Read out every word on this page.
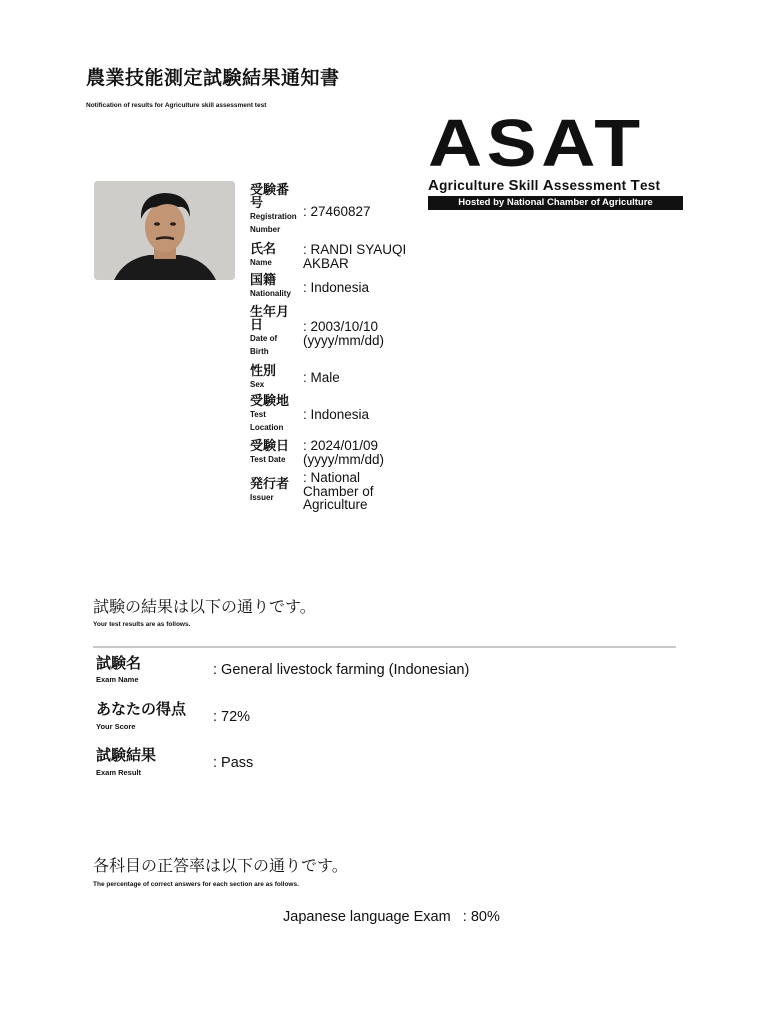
農業技能測定試験結果通知書
Notification of results for Agriculture skill assessment test
ASAT
Agriculture Skill Assessment Test
Hosted by National Chamber of Agriculture
受験番号
Registration Number
: 27460827
氏名
Name
: RANDI SYAUQI AKBAR
国籍
Nationality : Indonesia
生年月日
Date of Birth
: 2003/10/10 (yyyy/mm/dd)
性別
Sex	: Male
受験地
Test Location
: Indonesia
受験日
Test Date
: 2024/01/09 (yyyy/mm/dd)
発行者
Issuer
: National Chamber of Agriculture
試験の結果は以下の通りです。
Your test results are as follows.
試験名
Exam Name
: General livestock farming (Indonesian)
あなたの得点
Your Score
: 72%
試験結果
Exam Result
: Pass
各科目の正答率は以下の通りです。
The percentage of correct answers for each section are as follows.
Japanese language Exam : 80%
